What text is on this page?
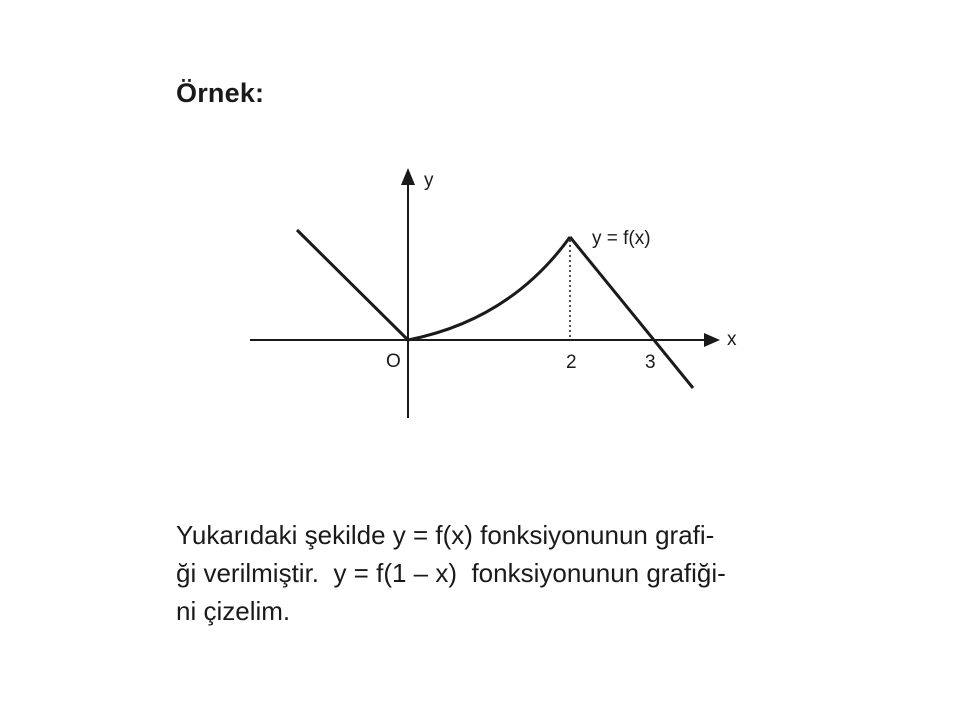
Örnek:
y
x
O
y = f(x)
2	3
Yukarıdaki şekilde y = f(x) fonksiyonunun grafi-
ği verilmiştir.  y = f(1 – x)  fonksiyonunun grafiği-
ni çizelim.
